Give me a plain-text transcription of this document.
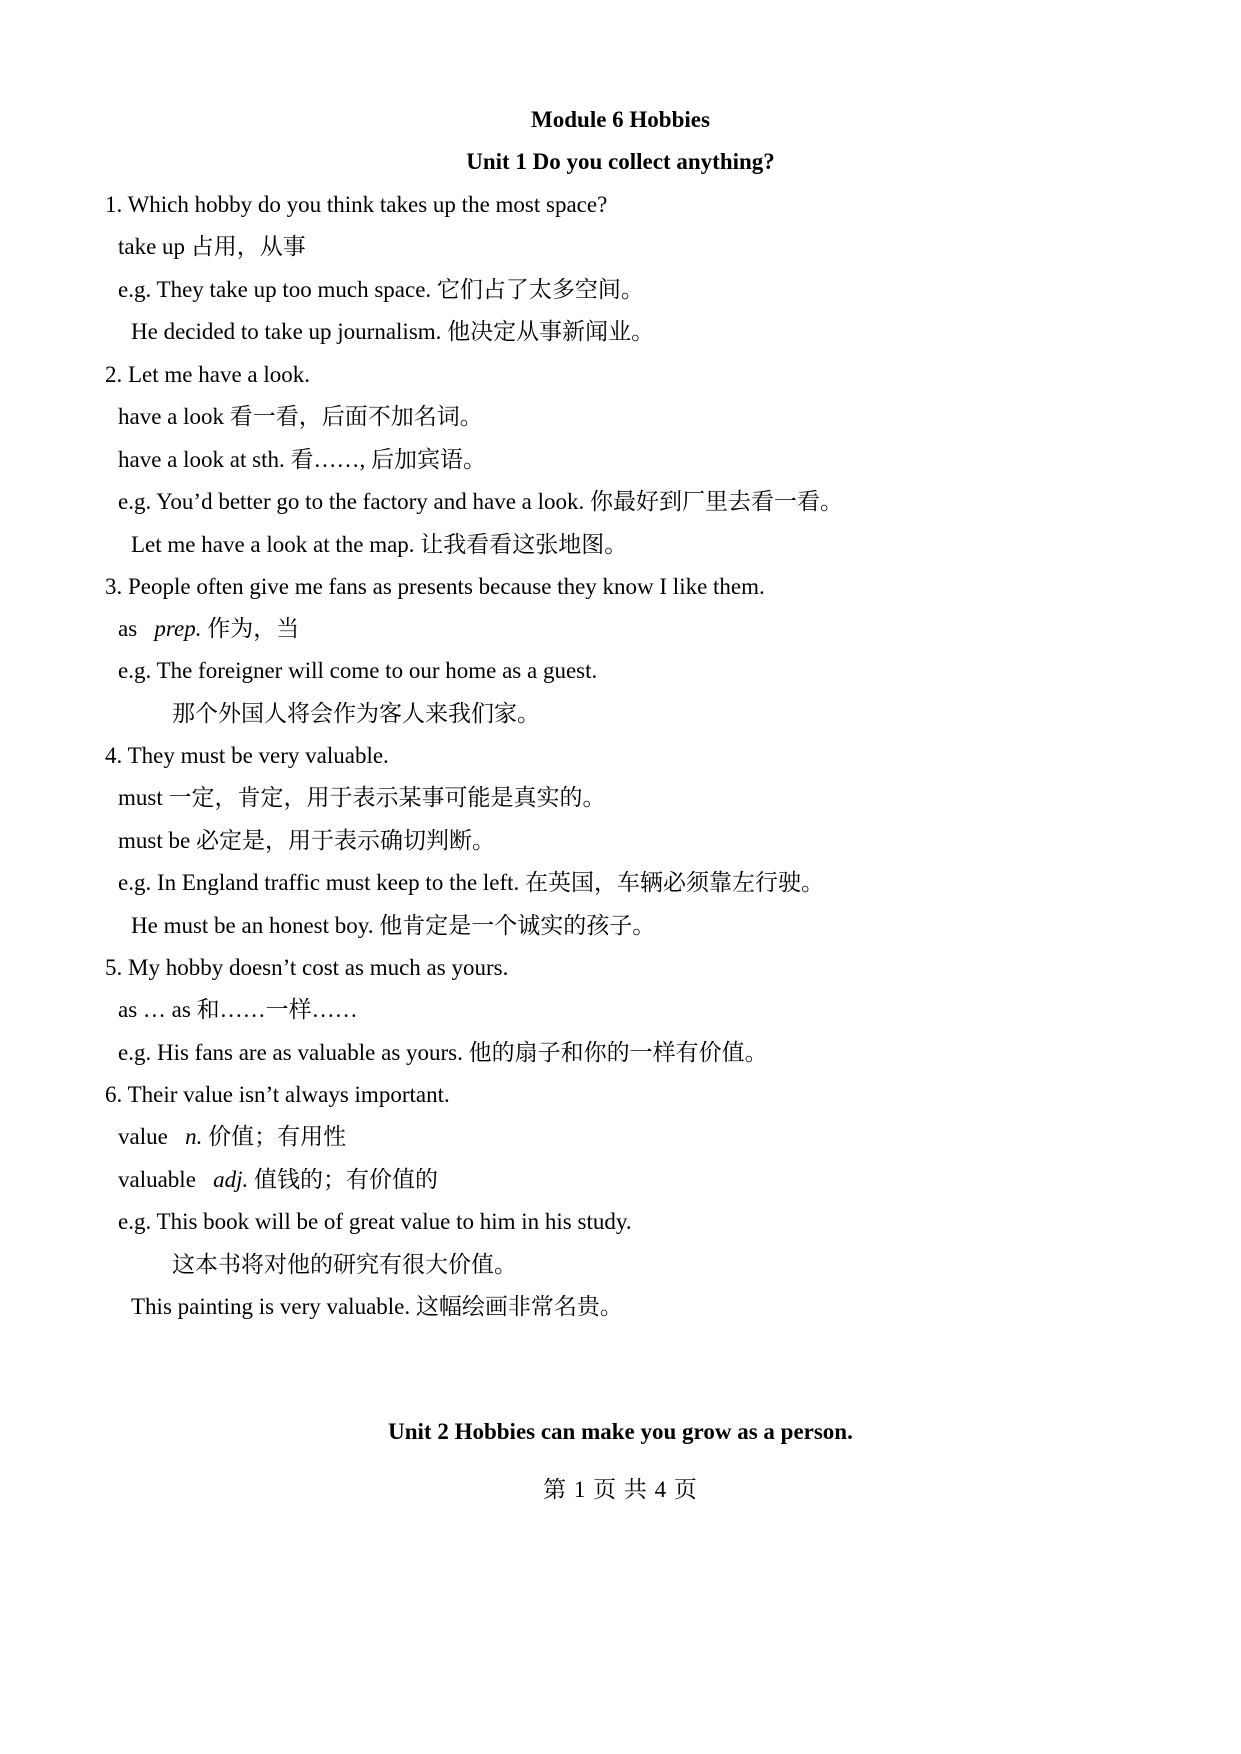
Module 6 Hobbies
Unit 1 Do you collect anything?
1. Which hobby do you think takes up the most space?
take up 占用，从事
e.g. They take up too much space. 它们占了太多空间。
He decided to take up journalism. 他决定从事新闻业。
2. Let me have a look.
have a look 看一看，后面不加名词。
have a look at sth. 看……, 后加宾语。
e.g. You’d better go to the factory and have a look. 你最好到厂里去看一看。
Let me have a look at the map. 让我看看这张地图。
3. People often give me fans as presents because they know I like them.
as prep. 作为，当
e.g. The foreigner will come to our home as a guest.
那个外国人将会作为客人来我们家。
4. They must be very valuable.
must 一定，肯定，用于表示某事可能是真实的。
must be 必定是，用于表示确切判断。
e.g. In England traffic must keep to the left. 在英国，车辆必须靠左行驶。
He must be an honest boy. 他肯定是一个诚实的孩子。
5. My hobby doesn’t cost as much as yours.
as … as 和……一样……
e.g. His fans are as valuable as yours. 他的扇子和你的一样有价值。
6. Their value isn’t always important.
value n. 价值；有用性
valuable adj. 值钱的；有价值的
e.g. This book will be of great value to him in his study.
这本书将对他的研究有很大价值。
This painting is very valuable. 这幅绘画非常名贵。
Unit 2 Hobbies can make you grow as a person.
第 1 页 共 4 页
